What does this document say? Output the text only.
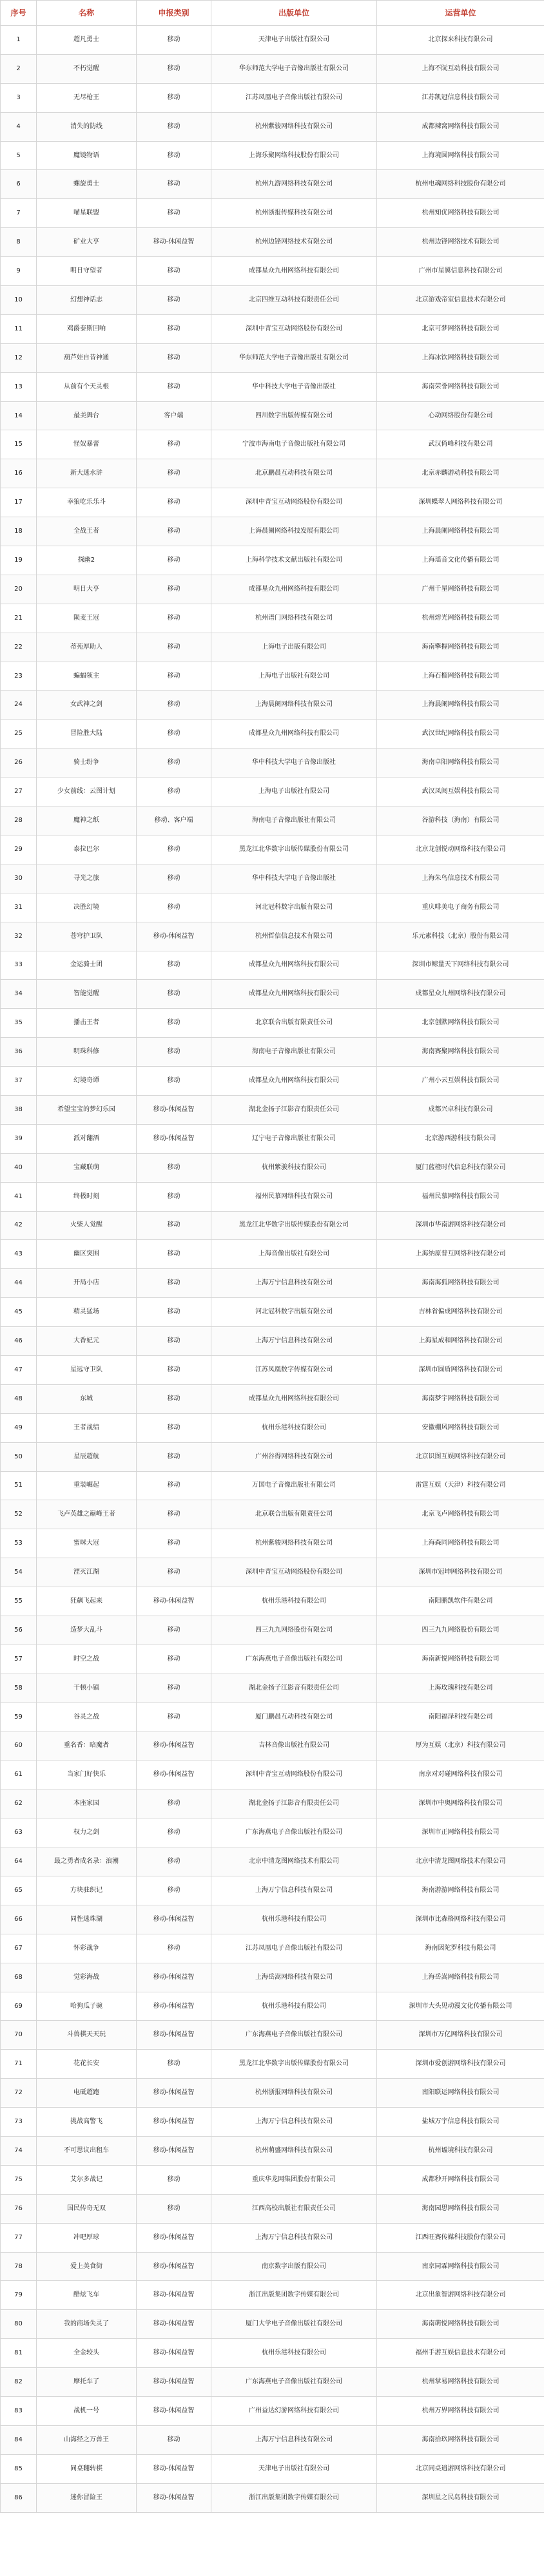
序号	名称	申报类别	出版单位	运营单位
1	超凡勇士	移动	天津电子出版社有限公司	北京探来科技有限公司
2	不朽觉醒	移动	华东师范大学电子音像出版社有限公司	上海不阮互动科技有限公司
3	无尽枪王	移动	江苏凤凰电子音像出版社有限公司	江苏凯冠信息科技有限公司
4	消失的防线	移动	杭州紫骏网络科技有限公司	成都辣窝网络科技有限公司
5	魔镜物语	移动	上海乐聚网络科技股份有限公司	上海境圆网络科技有限公司
6	螺旋勇士	移动	杭州九游网络科技有限公司	杭州电魂网络科技股份有限公司
7	喵星联盟	移动	杭州浙报传媒科技有限公司	杭州知优网络科技有限公司
8	矿业大亨	移动-休闲益智	杭州边锋网络技术有限公司	杭州边锋网络技术有限公司
9	明日守望者	移动	成都星众九州网络科技有限公司	广州市星翼信息科技有限公司
10	幻想神话志	移动	北京四维互动科技有限责任公司	北京游戏帝室信息技术有限公司
11	鸡爵泰斯回响	移动	深圳中青宝互动网络股份有限公司	北京可梦网络科技有限公司
12	葫芦娃自昔神通	移动	华东师范大学电子音像出版社有限公司	上海冰饮网络科技有限公司
13	从前有个天灵根	移动	华中科技大学电子音像出版社	海南荣誉网络科技有限公司
14	最美舞台	客户端	四川数字出版传媒有限公司	心动网络股份有限公司
15	怪奴暴蕾	移动	宁波市海南电子音像出版社有限公司	武汉倚峰科技有限公司
16	新大迷水浒	移动	北京鹏晨互动科技有限公司	北京赤麟游动科技有限公司
17	幸狼吃乐乐斗	移动	深圳中青宝互动网络股份有限公司	深圳蝶翠人网络科技有限公司
18	全战王者	移动	上海晨阑网络科技发展有限公司	上海晨阑网络科技有限公司
19	探幽2	移动	上海科学技术文献出版社有限公司	上海瑶音文化传播有限公司
20	明日大亨	移动	成都星众九州网络科技有限公司	广州千星网络科技有限公司
21	陨麦王冠	移动	杭州谱门网络科技有限公司	杭州熔光网络科技有限公司
22	蒂苑厚助人	移动	上海电子出版有限公司	海南擎握网络科技有限公司
23	蝙蝠领主	移动	上海电子出版社有限公司	上海石榴网络科技有限公司
24	女武神之剑	移动	上海晨阑网络科技有限公司	上海晨阑网络科技有限公司
25	冒险胜大陆	移动	成都星众九州网络科技有限公司	武汉世纪网络科技有限公司
26	骑士纷争	移动	华中科技大学电子音像出版社	海南卓阳网络科技有限公司
27	少女前线：云图计划	移动	上海电子出版社有限公司	武汉凤阅互娱科技有限公司
28	魔神之纸	移动、客户端	海南电子音像出版社有限公司	谷游科技（海南）有限公司
29	泰拉巴尔	移动	黑龙江北华数字出版传媒股份有限公司	北京龙创悦动网络科技有限公司
30	寻光之旅	移动	华中科技大学电子音像出版社	上海朱鸟信息技术有限公司
31	决胜幻境	移动	河北冠科数字出版有限公司	重庆啡美电子商务有限公司
32	苍穹护卫队	移动-休闲益智	杭州哲信信息技术有限公司	乐元素科技（北京）股份有限公司
33	金运骑士团	移动	成都星众九州网络科技有限公司	深圳市鲸量天下网络科技有限公司
34	智能觉醒	移动	成都星众九州网络科技有限公司	成都星众九州网络科技有限公司
35	播击王者	移动	北京联合出版有限责任公司	北京创默网络科技有限公司
36	明珠科修	移动	海南电子音像出版社有限公司	海南赛聚网络科技有限公司
37	幻境奇谭	移动	成都星众九州网络科技有限公司	广州小云互娱科技有限公司
38	希望宝宝的梦幻乐园	移动-休闲益智	湖北金扬子江影音有限责任公司	成都兴卓科技有限公司
39	派对翻酒	移动-休闲益智	辽宁电子音像出版社有限公司	北京游西游科技有限公司
40	宝藏联萌	移动	杭州紫骏科技有限公司	厦门蓝橙时代信息科技有限公司
41	终极时刻	移动	福州民慕网络科技有限公司	福州民慕网络科技有限公司
42	火柴人觉醒	移动	黑龙江北华数字出版传媒股份有限公司	深圳市华南游网络科技有限公司
43	幽区突围	移动	上海音像出版社有限公司	上海纳原普互网络科技有限公司
44	开局小店	移动	上海万宁信息科技有限公司	海南海狐网络科技有限公司
45	精灵猛场	移动	河北冠科数字出版有限公司	吉林省偏成网络科技有限公司
46	大香妃元	移动	上海万宁信息科技有限公司	上海星成和网络科技有限公司
47	星远守卫队	移动	江苏凤凰数字传媒有限公司	深圳市圆盾网络科技有限公司
48	东城	移动	成都星众九州网络科技有限公司	海南梦宇网络科技有限公司
49	王者战绩	移动	杭州乐港科技有限公司	安徽棚风网络科技有限公司
50	星辰超航	移动	广州谷得网络科技有限公司	北京识图互娱网络科技有限公司
51	重装崛起	移动	万国电子音像出版社有限公司	雷霆互娱（天津）科技有限公司
52	飞卢英雄之巅峰王者	移动	北京联合出版有限责任公司	北京飞卢网络科技有限公司
53	蜜咪大冠	移动	杭州紫骏网络科技有限公司	上海森同网络科技有限公司
54	湮灭江湖	移动	深圳中青宝互动网络股份有限公司	深圳市冠坤网络科技有限公司
55	狂飙飞起来	移动-休闲益智	杭州乐港科技有限公司	南阳鹏凯软件有限公司
56	造梦大乱斗	移动	四三九九网络股份有限公司	四三九九网络股份有限公司
57	时空之战	移动	广东海燕电子音像出版社有限公司	海南新悦网络科技有限公司
58	干顿小镇	移动	湖北金扬子江影音有限责任公司	上海玫瑰科技有限公司
59	谷灵之战	移动	厦门鹏晨互动科技有限公司	南阳福泽科技有限公司
60	重名香：暗魔者	移动-休闲益智	吉林音像出版社有限公司	厚为互娱（北京）科技有限公司
61	当家门好快乐	移动-休闲益智	深圳中青宝互动网络股份有限公司	南京对对碰网络科技有限公司
62	本座家园	移动	湖北金扬子江影音有限责任公司	深圳市中奥网络科技有限公司
63	权力之剑	移动	广东海燕电子音像出版社有限公司	深圳市正网络科技有限公司
64	最之勇者成名录：浪潮	移动	北京中清龙图网络技术有限公司	北京中清龙图网络技术有限公司
65	方块驻织记	移动	上海万宁信息科技有限公司	海南游游网络科技有限公司
66	同性迷珠湖	移动-休闲益智	杭州乐港科技有限公司	深圳市比森格网络科技有限公司
67	怀彩战争	移动	江苏凤凰电子音像出版社有限公司	海南因陀罗科技有限公司
68	觉彩海战	移动-休闲益智	上海岳嵩网络科技有限公司	上海岳嵩网络科技有限公司
69	哈狗瓜子碗	移动-休闲益智	杭州乐港科技有限公司	深圳市大头见动漫文化传播有限公司
70	斗兽棋天天玩	移动-休闲益智	广东海燕电子音像出版社有限公司	深圳市万亿网络科技有限公司
71	花花长安	移动	黑龙江北华数字出版传媒股份有限公司	深圳市爱创游网络科技有限公司
72	电砥超跑	移动-休闲益智	杭州浙报网络科技有限公司	南阳联运网络科技有限公司
73	挑战高警飞	移动-休闲益智	上海万宁信息科技有限公司	盐城万宇信息科技有限公司
74	不可思议出租车	移动-休闲益智	杭州萌盛网络科技有限公司	杭州谧境科技有限公司
75	艾尔多战记	移动	重庆华龙网集团股份有限公司	成都秒开网络科技有限公司
76	国民传奇无双	移动	江西高校出版社有限责任公司	海南园思网络科技有限公司
77	冲吧厚球	移动-休闲益智	上海万宁信息科技有限公司	江西旺赛传媒科技股份有限公司
78	爱上美食街	移动-休闲益智	南京数字出版有限公司	南京同霖网络科技有限公司
79	酷炫飞车	移动-休闲益智	浙江出版集团数字传媒有限公司	北京出象智游网络科技有限公司
80	我的商场失灵了	移动-休闲益智	厦门大学电子音像出版社有限公司	海南萌悦网络科技有限公司
81	全金较头	移动-休闲益智	杭州乐港科技有限公司	福州手游互娱信息技术有限公司
82	摩托车了	移动-休闲益智	广东海燕电子音像出版社有限公司	杭州掌易网络科技有限公司
83	战机一号	移动-休闲益智	广州益达幻游网络科技有限公司	杭州万界网络科技有限公司
84	山海经之万兽王	移动	上海万宁信息科技有限公司	海南拾玖网络科技有限公司
85	同桌翻转棋	移动-休闲益智	天津电子出版社有限公司	北京同桌逍游网络科技有限公司
86	迷你冒险王	移动-休闲益智	浙江出版集团数字传媒有限公司	深圳星之民岛科技有限公司
